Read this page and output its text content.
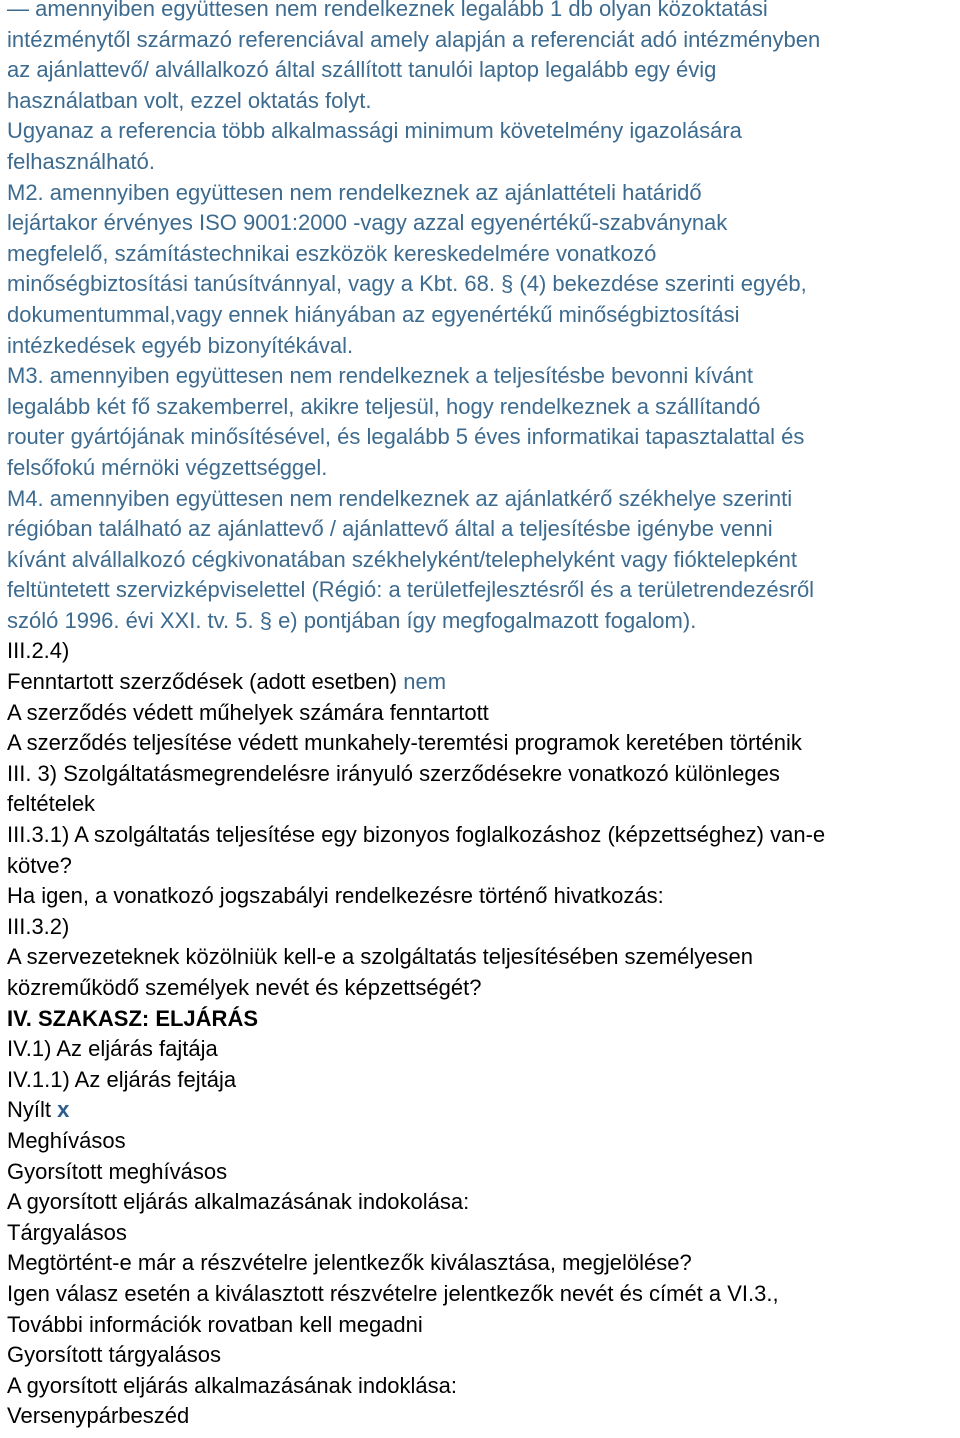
— amennyiben együttesen nem rendelkeznek legalább 1 db olyan közoktatási
intézménytől származó referenciával amely alapján a referenciát adó intézményben
az ajánlattevő/ alvállalkozó által szállított tanulói laptop legalább egy évig
használatban volt, ezzel oktatás folyt.
Ugyanaz a referencia több alkalmassági minimum követelmény igazolására
felhasználható.
M2. amennyiben együttesen nem rendelkeznek az ajánlattételi határidő
lejártakor érvényes ISO 9001:2000 -vagy azzal egyenértékű-szabványnak
megfelelő, számítástechnikai eszközök kereskedelmére vonatkozó
minőségbiztosítási tanúsítvánnyal, vagy a Kbt. 68. § (4) bekezdése szerinti egyéb,
dokumentummal,vagy ennek hiányában az egyenértékű minőségbiztosítási
intézkedések egyéb bizonyítékával.
M3. amennyiben együttesen nem rendelkeznek a teljesítésbe bevonni kívánt
legalább két fő szakemberrel, akikre teljesül, hogy rendelkeznek a szállítandó
router gyártójának minősítésével, és legalább 5 éves informatikai tapasztalattal és
felsőfokú mérnöki végzettséggel.
M4. amennyiben együttesen nem rendelkeznek az ajánlatkérő székhelye szerinti
régióban található az ajánlattevő / ajánlattevő által a teljesítésbe igénybe venni
kívánt alvállalkozó cégkivonatában székhelyként/telephelyként vagy fióktelepként
feltüntetett szervizképviselettel (Régió: a területfejlesztésről és a területrendezésről
szóló 1996. évi XXI. tv. 5. § e) pontjában így megfogalmazott fogalom).
III.2.4)
Fenntartott szerződések (adott esetben) nem
A szerződés védett műhelyek számára fenntartott
A szerződés teljesítése védett munkahely-teremtési programok keretében történik
III. 3) Szolgáltatásmegrendelésre irányuló szerződésekre vonatkozó különleges
feltételek
III.3.1) A szolgáltatás teljesítése egy bizonyos foglalkozáshoz (képzettséghez) van-e
kötve?
Ha igen, a vonatkozó jogszabályi rendelkezésre történő hivatkozás:
III.3.2)
A szervezeteknek közölniük kell-e a szolgáltatás teljesítésében személyesen
közreműködő személyek nevét és képzettségét?
IV. SZAKASZ: ELJÁRÁS
IV.1) Az eljárás fajtája
IV.1.1) Az eljárás fejtája
Nyílt x
Meghívásos
Gyorsított meghívásos
A gyorsított eljárás alkalmazásának indokolása:
Tárgyalásos
Megtörtént-e már a részvételre jelentkezők kiválasztása, megjelölése?
Igen válasz esetén a kiválasztott részvételre jelentkezők nevét és címét a VI.3.,
További információk rovatban kell megadni
Gyorsított tárgyalásos
A gyorsított eljárás alkalmazásának indoklása:
Versenypárbeszéd
